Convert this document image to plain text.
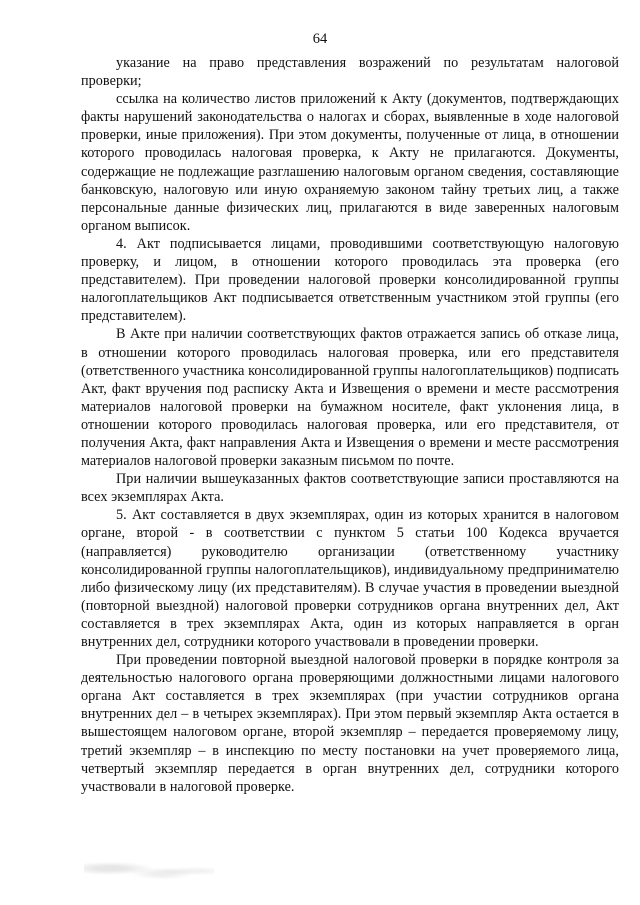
64

указание на право представления возражений по результатам налоговой проверки;

ссылка на количество листов приложений к Акту (документов, подтверждающих факты нарушений законодательства о налогах и сборах, выявленные в ходе налоговой проверки, иные приложения). При этом документы, полученные от лица, в отношении которого проводилась налоговая проверка, к Акту не прилагаются. Документы, содержащие не подлежащие разглашению налоговым органом сведения, составляющие банковскую, налоговую или иную охраняемую законом тайну третьих лиц, а также персональные данные физических лиц, прилагаются в виде заверенных налоговым органом выписок.

4. Акт подписывается лицами, проводившими соответствующую налоговую проверку, и лицом, в отношении которого проводилась эта проверка (его представителем). При проведении налоговой проверки консолидированной группы налогоплательщиков Акт подписывается ответственным участником этой группы (его представителем).

В Акте при наличии соответствующих фактов отражается запись об отказе лица, в отношении которого проводилась налоговая проверка, или его представителя (ответственного участника консолидированной группы налогоплательщиков) подписать Акт, факт вручения под расписку Акта и Извещения о времени и месте рассмотрения материалов налоговой проверки на бумажном носителе, факт уклонения лица, в отношении которого проводилась налоговая проверка, или его представителя, от получения Акта, факт направления Акта и Извещения о времени и месте рассмотрения материалов налоговой проверки заказным письмом по почте.

При наличии вышеуказанных фактов соответствующие записи проставляются на всех экземплярах Акта.

5. Акт составляется в двух экземплярах, один из которых хранится в налоговом органе, второй - в соответствии с пунктом 5 статьи 100 Кодекса вручается (направляется) руководителю организации (ответственному участнику консолидированной группы налогоплательщиков), индивидуальному предпринимателю либо физическому лицу (их представителям). В случае участия в проведении выездной (повторной выездной) налоговой проверки сотрудников органа внутренних дел, Акт составляется в трех экземплярах Акта, один из которых направляется в орган внутренних дел, сотрудники которого участвовали в проведении проверки.

При проведении повторной выездной налоговой проверки в порядке контроля за деятельностью налогового органа проверяющими должностными лицами налогового органа Акт составляется в трех экземплярах (при участии сотрудников органа внутренних дел – в четырех экземплярах). При этом первый экземпляр Акта остается в вышестоящем налоговом органе, второй экземпляр – передается проверяемому лицу, третий экземпляр – в инспекцию по месту постановки на учет проверяемого лица, четвертый экземпляр передается в орган внутренних дел, сотрудники которого участвовали в налоговой проверке.
